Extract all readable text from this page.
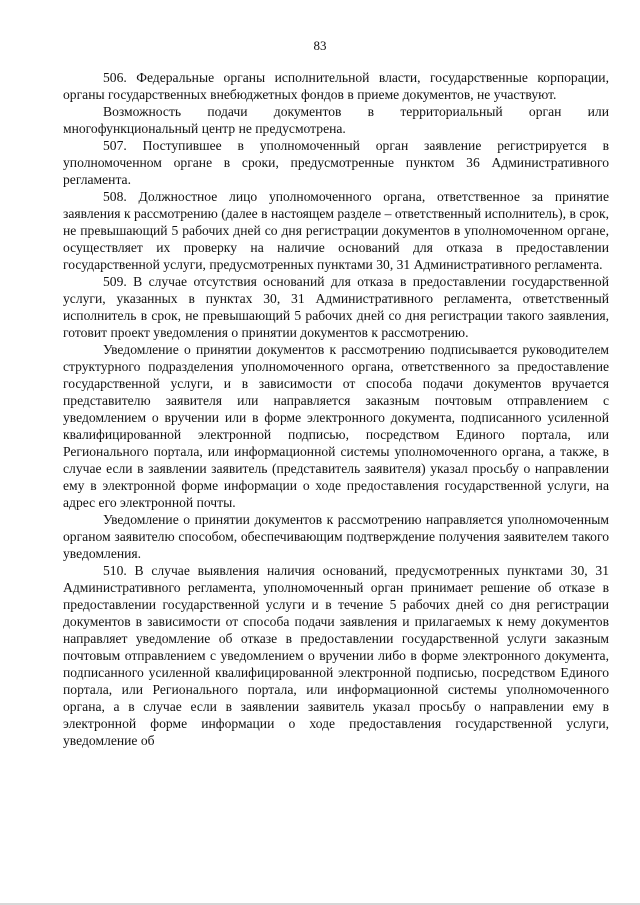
83

506. Федеральные органы исполнительной власти, государственные корпорации, органы государственных внебюджетных фондов в приеме документов, не участвуют.

Возможность подачи документов в территориальный орган или многофункциональный центр не предусмотрена.

507. Поступившее в уполномоченный орган заявление регистрируется в уполномоченном органе в сроки, предусмотренные пунктом 36 Административного регламента.

508. Должностное лицо уполномоченного органа, ответственное за принятие заявления к рассмотрению (далее в настоящем разделе – ответственный исполнитель), в срок, не превышающий 5 рабочих дней со дня регистрации документов в уполномоченном органе, осуществляет их проверку на наличие оснований для отказа в предоставлении государственной услуги, предусмотренных пунктами 30, 31 Административного регламента.

509. В случае отсутствия оснований для отказа в предоставлении государственной услуги, указанных в пунктах 30, 31 Административного регламента, ответственный исполнитель в срок, не превышающий 5 рабочих дней со дня регистрации такого заявления, готовит проект уведомления о принятии документов к рассмотрению.

Уведомление о принятии документов к рассмотрению подписывается руководителем структурного подразделения уполномоченного органа, ответственного за предоставление государственной услуги, и в зависимости от способа подачи документов вручается представителю заявителя или направляется заказным почтовым отправлением с уведомлением о вручении или в форме электронного документа, подписанного усиленной квалифицированной электронной подписью, посредством Единого портала, или Регионального портала, или информационной системы уполномоченного органа, а также, в случае если в заявлении заявитель (представитель заявителя) указал просьбу о направлении ему в электронной форме информации о ходе предоставления государственной услуги, на адрес его электронной почты.

Уведомление о принятии документов к рассмотрению направляется уполномоченным органом заявителю способом, обеспечивающим подтверждение получения заявителем такого уведомления.

510. В случае выявления наличия оснований, предусмотренных пунктами 30, 31 Административного регламента, уполномоченный орган принимает решение об отказе в предоставлении государственной услуги и в течение 5 рабочих дней со дня регистрации документов в зависимости от способа подачи заявления и прилагаемых к нему документов направляет уведомление об отказе в предоставлении государственной услуги заказным почтовым отправлением с уведомлением о вручении либо в форме электронного документа, подписанного усиленной квалифицированной электронной подписью, посредством Единого портала, или Регионального портала, или информационной системы уполномоченного органа, а в случае если в заявлении заявитель указал просьбу о направлении ему в электронной форме информации о ходе предоставления государственной услуги, уведомление об
